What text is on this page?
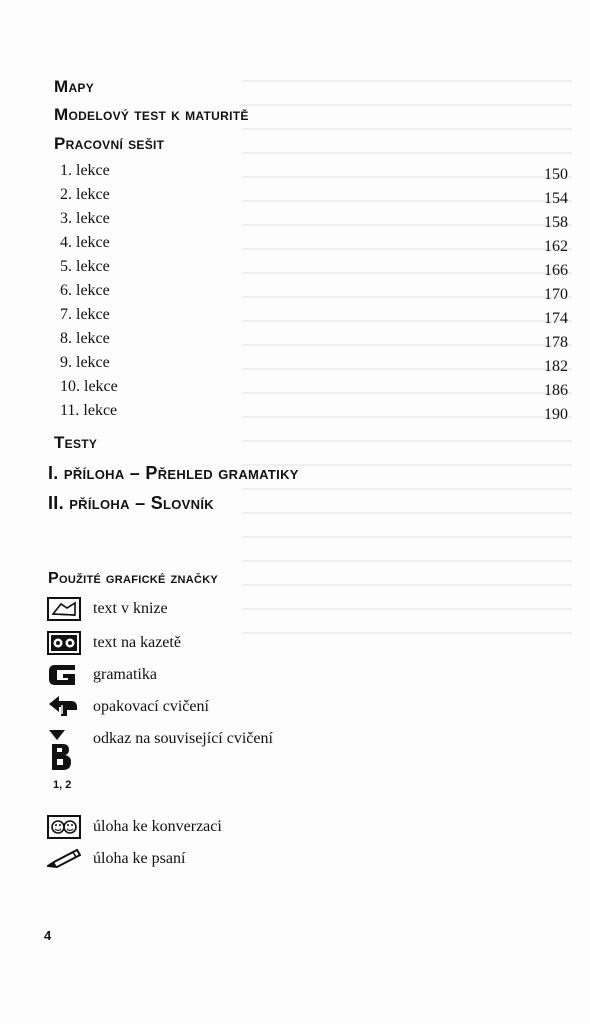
Mapy
Modelový test k maturitě
Pracovní sešit
1. lekce	150
2. lekce	154
3. lekce	158
4. lekce	162
5. lekce	166
6. lekce	170
7. lekce	174
8. lekce	178
9. lekce	182
10. lekce	186
11. lekce	190
Testy
I. příloha – Přehled gramatiky
II. příloha – Slovník
Použité grafické značky
text v knize
text na kazetě
gramatika
opakovací cvičení
odkaz na související cvičení
1, 2
úloha ke konverzaci
úloha ke psaní
4
